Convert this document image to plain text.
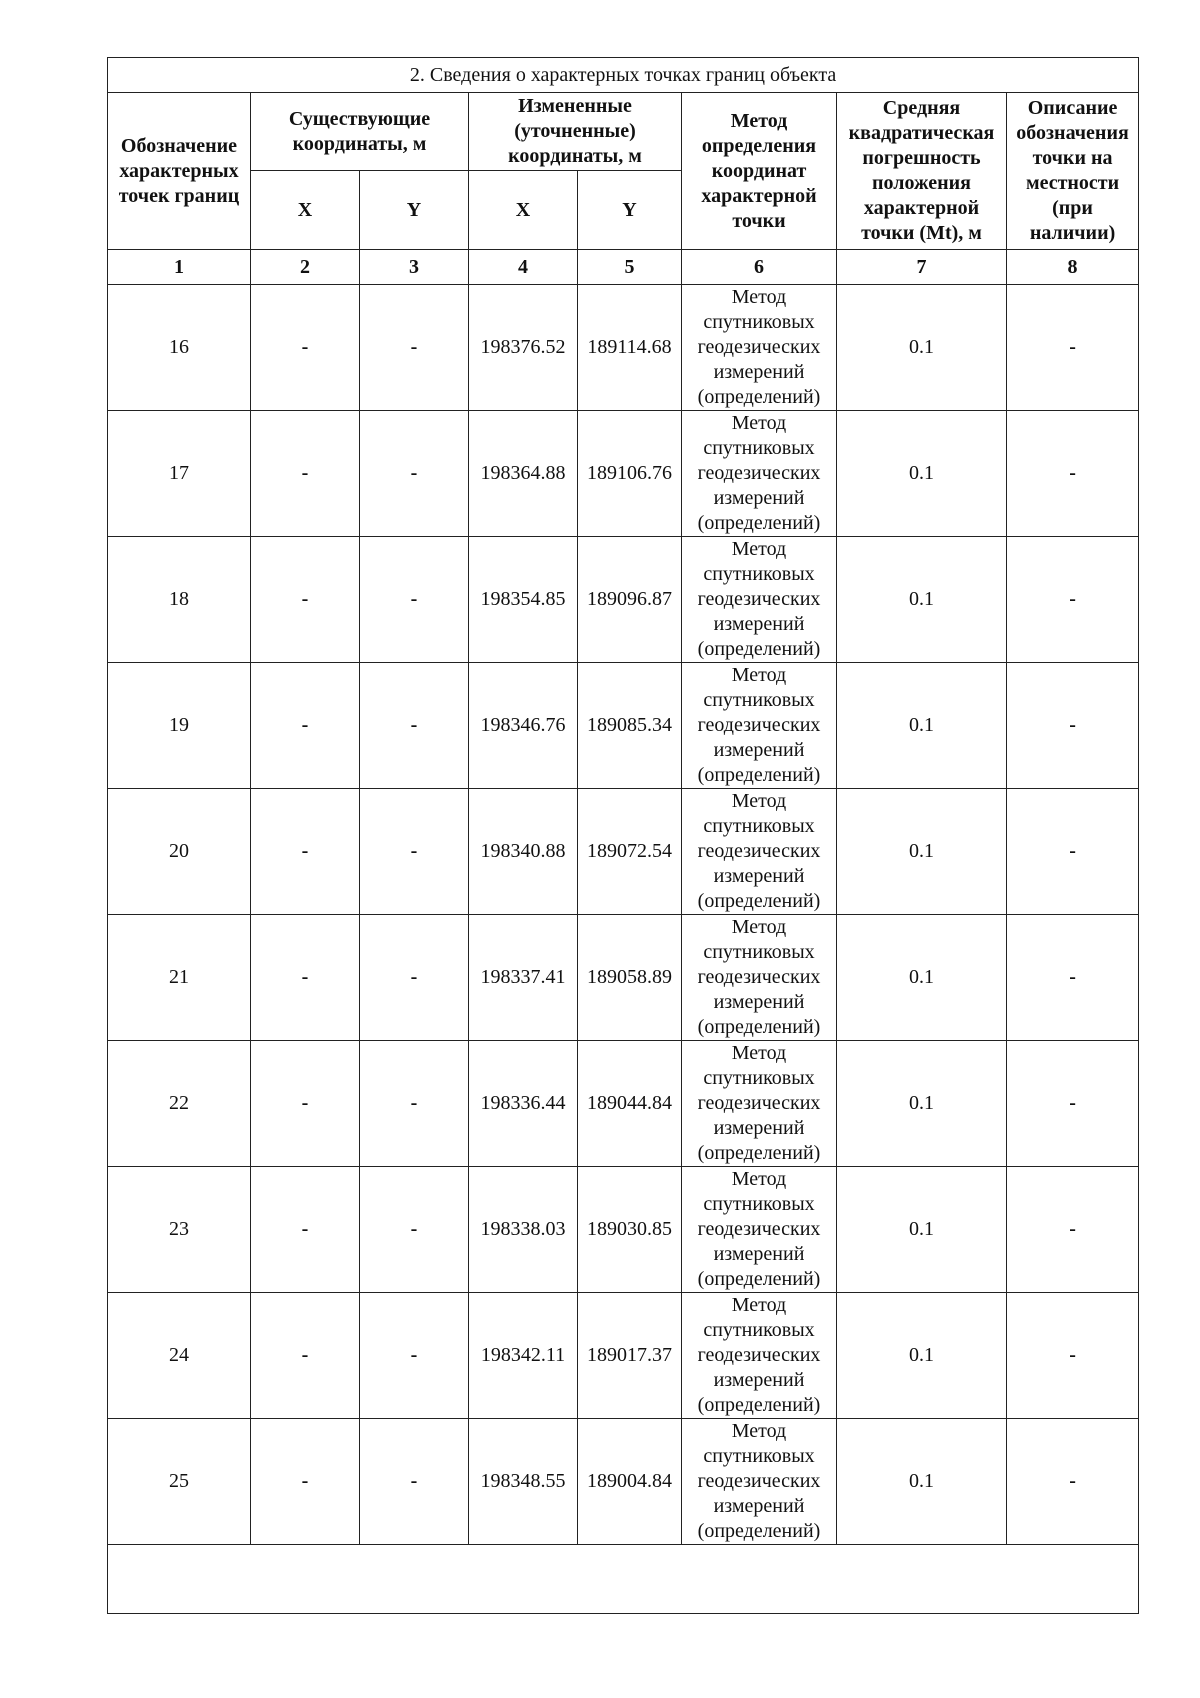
2. Сведения о характерных точках границ объекта							
Обозначение характерных точек границ	Существующие координаты, м		Измененные (уточненные) координаты, м		Метод определения координат характерной точки	Средняя квадратическая погрешность положения характерной точки (Mt), м	Описание обозначения точки на местности (при наличии)
	X	Y	X	Y			
1	2	3	4	5	6	7	8
16	-	-	198376.52	189114.68	Метод спутниковых геодезических измерений (определений)	0.1	-
17	-	-	198364.88	189106.76	Метод спутниковых геодезических измерений (определений)	0.1	-
18	-	-	198354.85	189096.87	Метод спутниковых геодезических измерений (определений)	0.1	-
19	-	-	198346.76	189085.34	Метод спутниковых геодезических измерений (определений)	0.1	-
20	-	-	198340.88	189072.54	Метод спутниковых геодезических измерений (определений)	0.1	-
21	-	-	198337.41	189058.89	Метод спутниковых геодезических измерений (определений)	0.1	-
22	-	-	198336.44	189044.84	Метод спутниковых геодезических измерений (определений)	0.1	-
23	-	-	198338.03	189030.85	Метод спутниковых геодезических измерений (определений)	0.1	-
24	-	-	198342.11	189017.37	Метод спутниковых геодезических измерений (определений)	0.1	-
25	-	-	198348.55	189004.84	Метод спутниковых геодезических измерений (определений)	0.1	-
